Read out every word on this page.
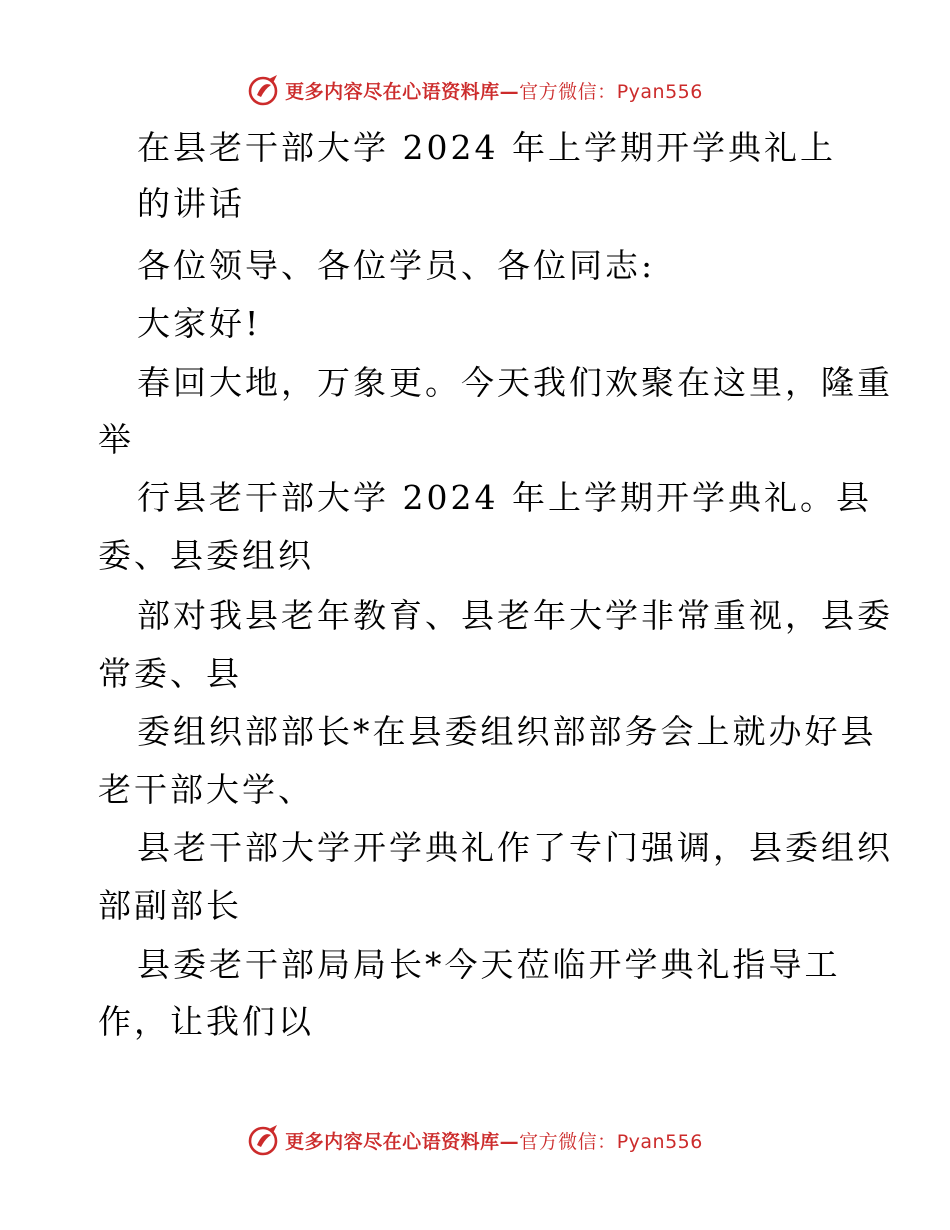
更多内容尽在心语资料库—官方微信：Pyan556
在县老干部大学 2024 年上学期开学典礼上
的讲话
各位领导、各位学员、各位同志:
大家好!
春回大地，万象更。今天我们欢聚在这里，隆重
举
行县老干部大学 2024 年上学期开学典礼。县
委、县委组织
部对我县老年教育、县老年大学非常重视，县委
常委、县
委组织部部长*在县委组织部部务会上就办好县
老干部大学、
县老干部大学开学典礼作了专门强调，县委组织
部副部长
县委老干部局局长*今天莅临开学典礼指导工
作，让我们以
更多内容尽在心语资料库—官方微信：Pyan556
